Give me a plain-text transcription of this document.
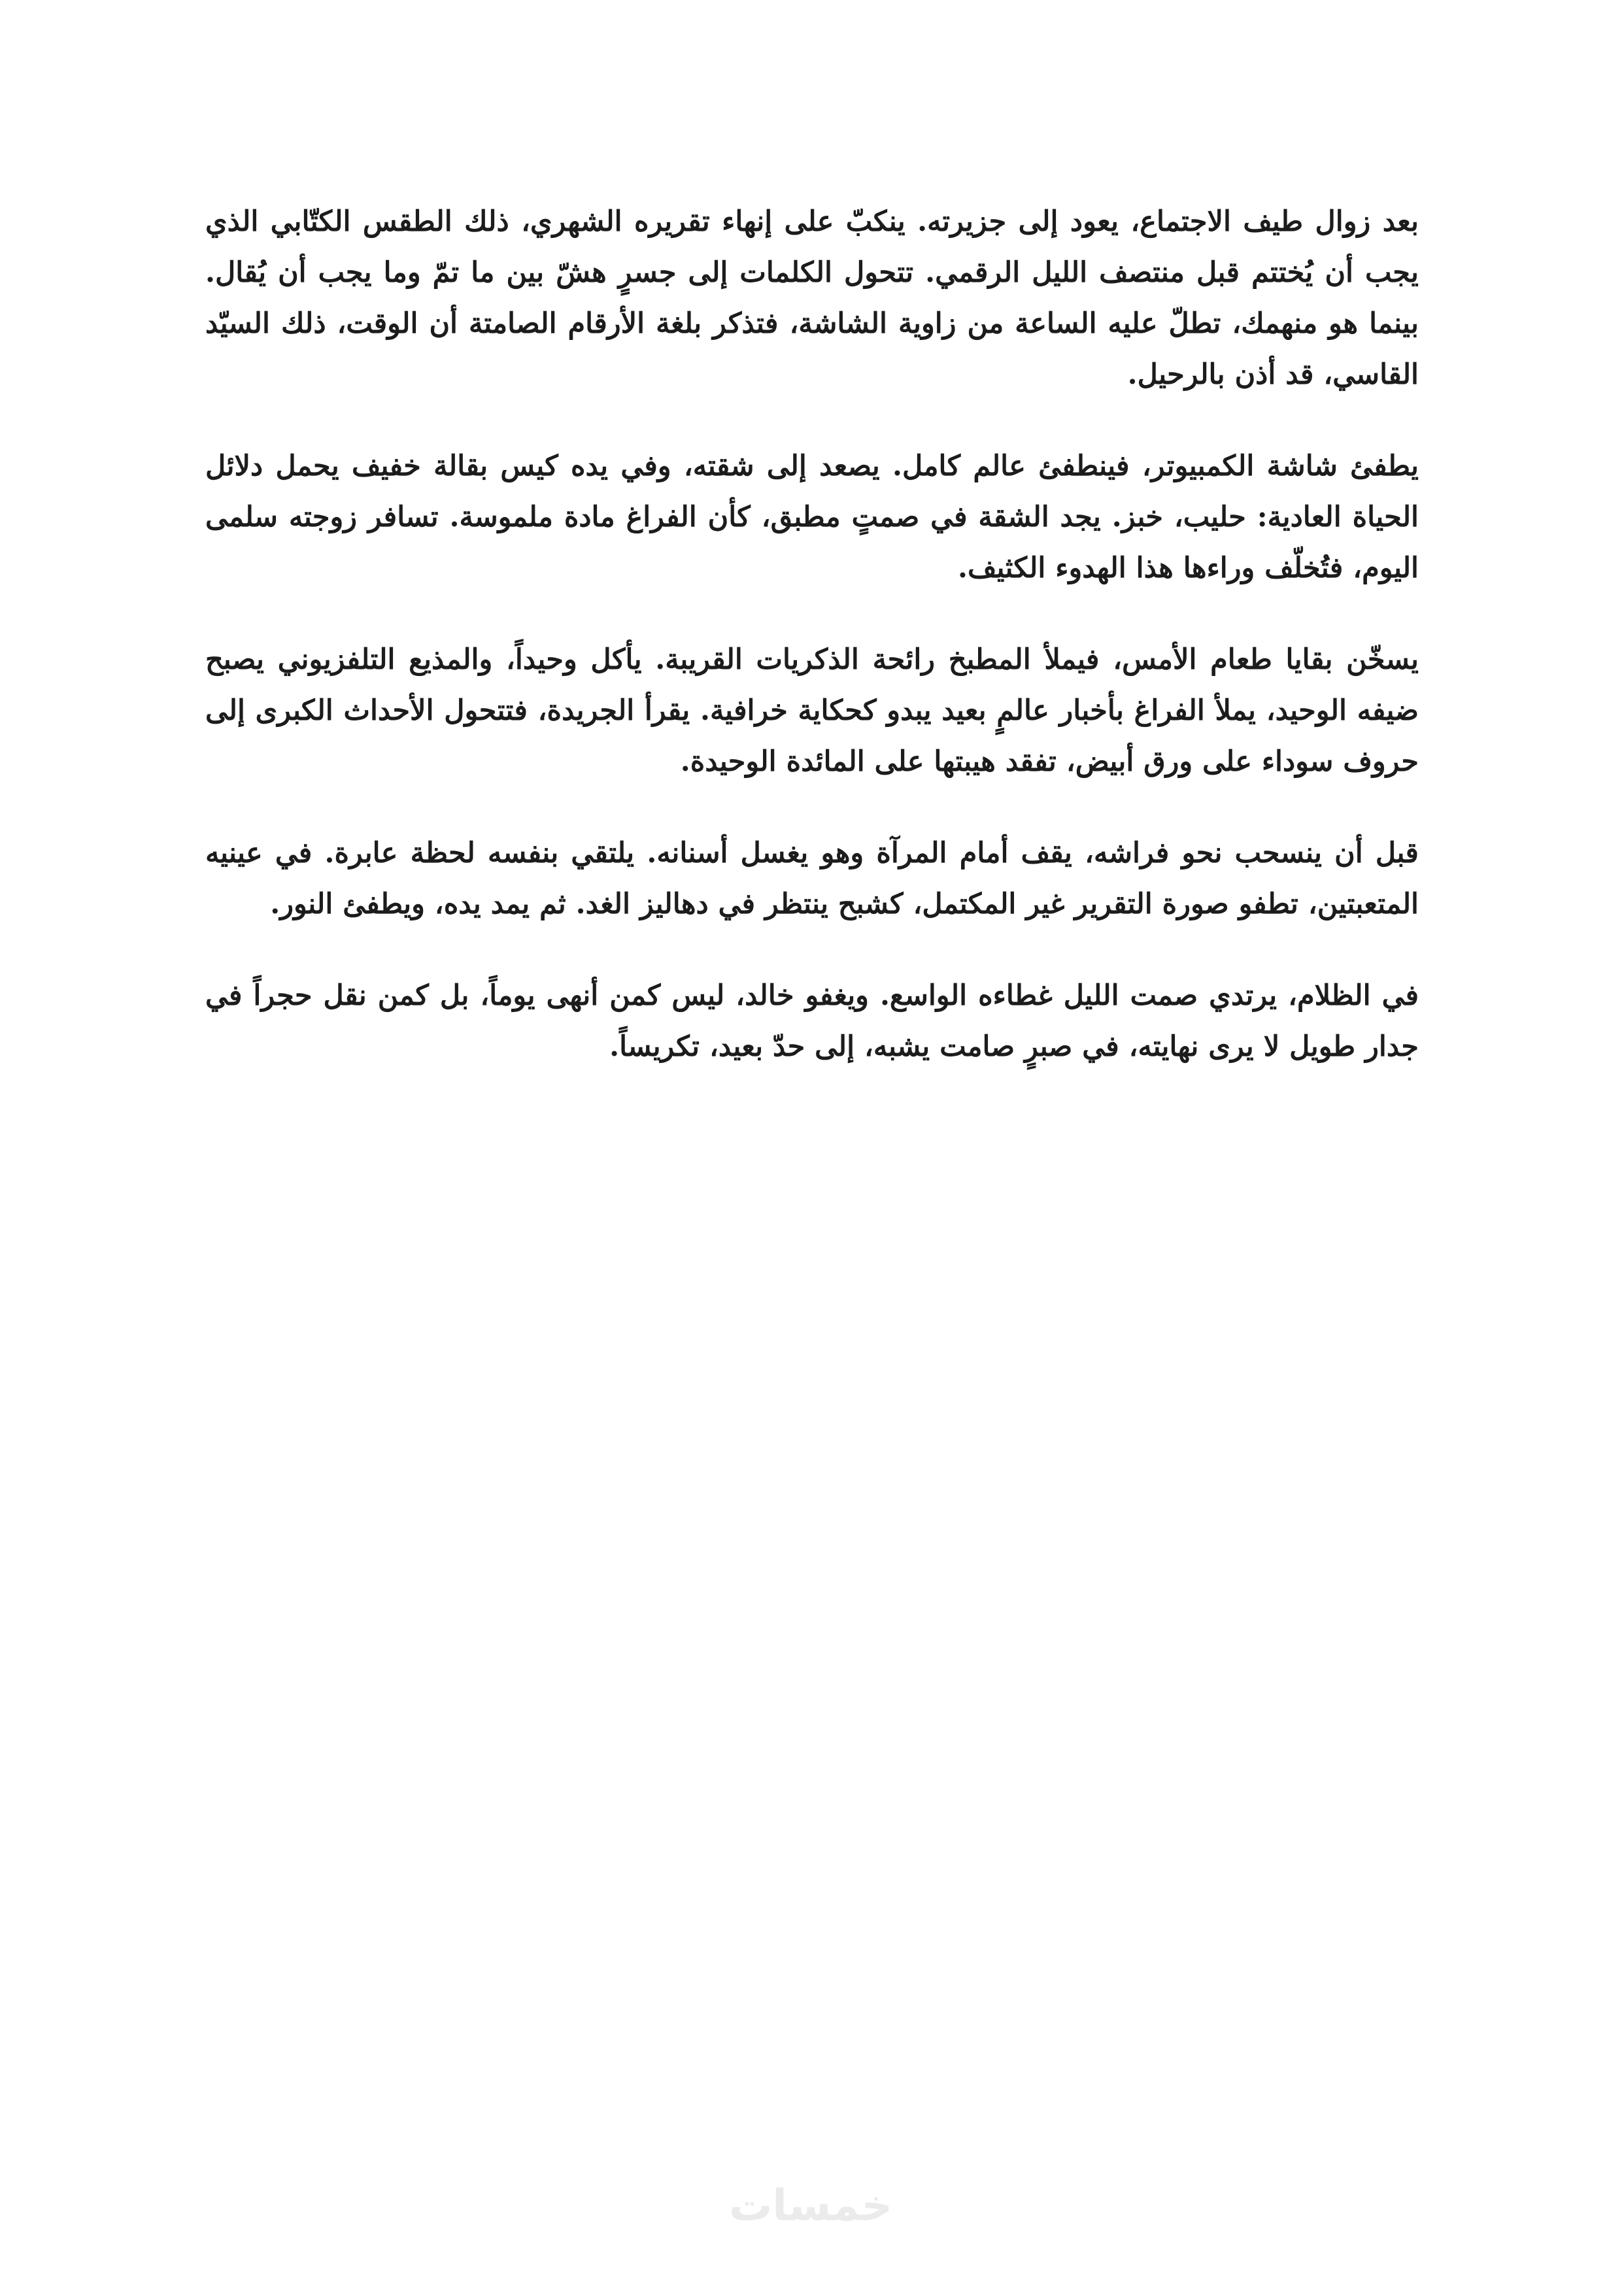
بعد زوال طيف الاجتماع، يعود إلى جزيرته. ينكبّ على إنهاء تقريره الشهري، ذلك الطقس الكتّابي الذي يجب أن يُختتم قبل منتصف الليل الرقمي. تتحول الكلمات إلى جسرٍ هشّ بين ما تمّ وما يجب أن يُقال. بينما هو منهمك، تطلّ عليه الساعة من زاوية الشاشة، فتذكر بلغة الأرقام الصامتة أن الوقت، ذلك السيّد القاسي، قد أذن بالرحيل.

يطفئ شاشة الكمبيوتر، فينطفئ عالم كامل. يصعد إلى شقته، وفي يده كيس بقالة خفيف يحمل دلائل الحياة العادية: حليب، خبز. يجد الشقة في صمتٍ مطبق، كأن الفراغ مادة ملموسة. تسافر زوجته سلمى اليوم، فتُخلّف وراءها هذا الهدوء الكثيف.

يسخّن بقايا طعام الأمس، فيملأ المطبخ رائحة الذكريات القريبة. يأكل وحيداً، والمذيع التلفزيوني يصبح ضيفه الوحيد، يملأ الفراغ بأخبار عالمٍ بعيد يبدو كحكاية خرافية. يقرأ الجريدة، فتتحول الأحداث الكبرى إلى حروف سوداء على ورق أبيض، تفقد هيبتها على المائدة الوحيدة.

قبل أن ينسحب نحو فراشه، يقف أمام المرآة وهو يغسل أسنانه. يلتقي بنفسه لحظة عابرة. في عينيه المتعبتين، تطفو صورة التقرير غير المكتمل، كشبح ينتظر في دهاليز الغد. ثم يمد يده، ويطفئ النور.

في الظلام، يرتدي صمت الليل غطاءه الواسع. ويغفو خالد، ليس كمن أنهى يوماً، بل كمن نقل حجراً في جدار طويل لا يرى نهايته، في صبرٍ صامت يشبه، إلى حدّ بعيد، تكريساً.

خمسات
